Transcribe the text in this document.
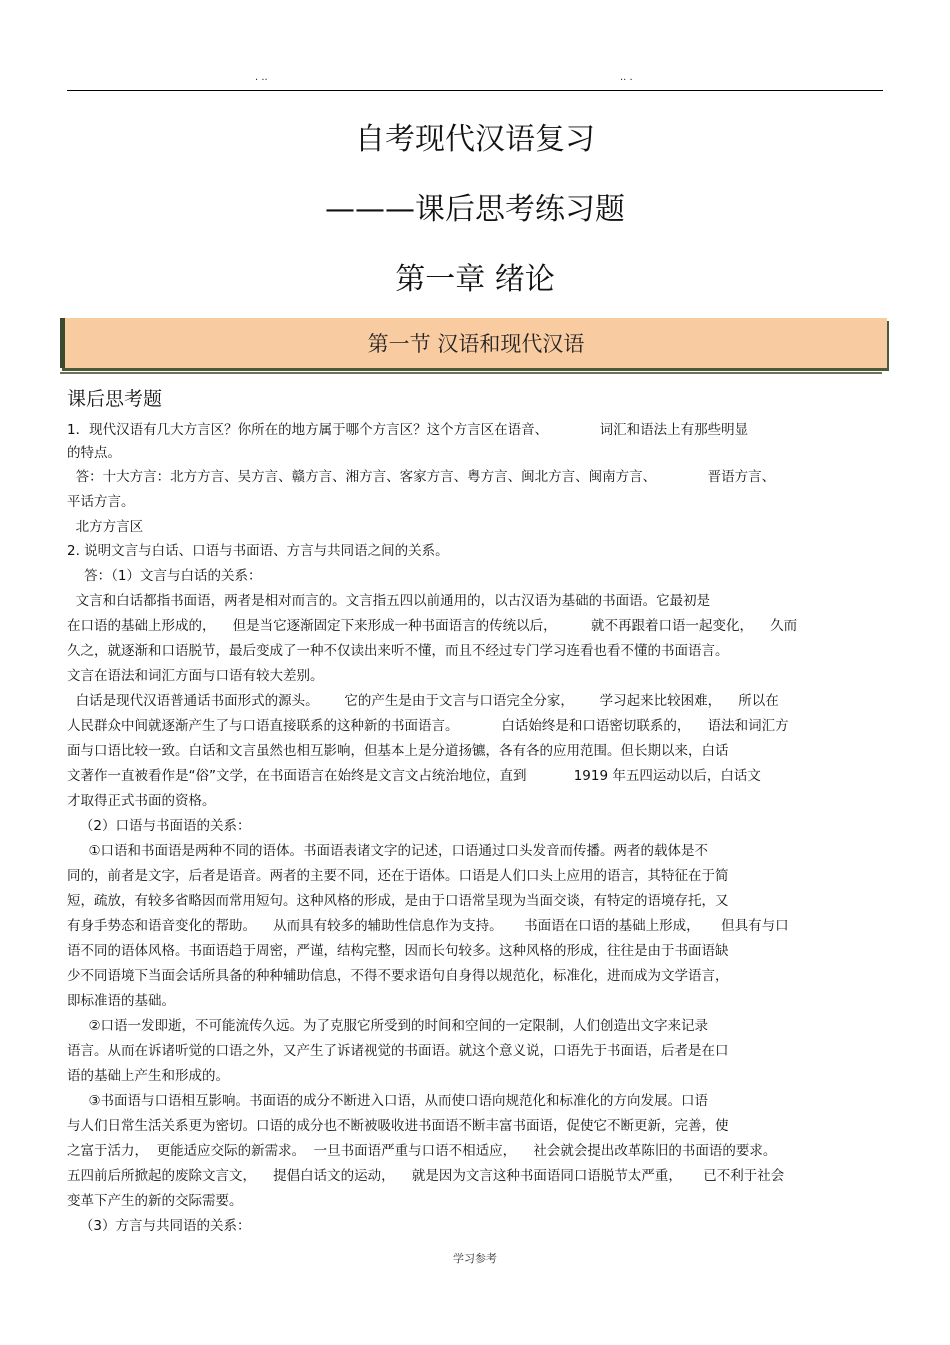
. ..	.. .
自考现代汉语复习
———课后思考练习题
第一章 绪论
第一节 汉语和现代汉语
课后思考题
1．现代汉语有几大方言区？你所在的地方属于哪个方言区？这个方言区在语音、            词汇和语法上有那些明显
的特点。
答：十大方言：北方方言、吴方言、赣方言、湘方言、客家方言、粤方言、闽北方言、闽南方言、            晋语方言、
平话方言。
北方方言区
2. 说明文言与白话、口语与书面语、方言与共同语之间的关系。
答：（1）文言与白话的关系：
文言和白话都指书面语，两者是相对而言的。文言指五四以前通用的，以古汉语为基础的书面语。它最初是
在口语的基础上形成的，    但是当它逐渐固定下来形成一种书面语言的传统以后，        就不再跟着口语一起变化，    久而
久之，就逐渐和口语脱节，最后变成了一种不仅读出来听不懂，而且不经过专门学习连看也看不懂的书面语言。
文言在语法和词汇方面与口语有较大差别。
白话是现代汉语普通话书面形式的源头。      它的产生是由于文言与口语完全分家，      学习起来比较困难，    所以在
人民群众中间就逐渐产生了与口语直接联系的这种新的书面语言。          白话始终是和口语密切联系的，    语法和词汇方
面与口语比较一致。白话和文言虽然也相互影响，但基本上是分道扬镳，各有各的应用范围。但长期以来，白话
文著作一直被看作是“俗”文学，在书面语言在始终是文言文占统治地位，直到           1919 年五四运动以后，白话文
才取得正式书面的资格。
（2）口语与书面语的关系：
①口语和书面语是两种不同的语体。书面语表诸文字的记述，口语通过口头发音而传播。两者的载体是不
同的，前者是文字，后者是语音。两者的主要不同，还在于语体。口语是人们口头上应用的语言，其特征在于简
短，疏放，有较多省略因而常用短句。这种风格的形成，是由于口语常呈现为当面交谈，有特定的语境存托，又
有身手势态和语音变化的帮助。    从而具有较多的辅助性信息作为支持。     书面语在口语的基础上形成，     但具有与口
语不同的语体风格。书面语趋于周密，严谨，结构完整，因而长句较多。这种风格的形成，往往是由于书面语缺
少不同语境下当面会话所具备的种种辅助信息，不得不要求语句自身得以规范化，标准化，进而成为文学语言，
即标准语的基础。
②口语一发即逝，不可能流传久远。为了克服它所受到的时间和空间的一定限制，人们创造出文字来记录
语言。从而在诉诸听觉的口语之外，又产生了诉诸视觉的书面语。就这个意义说，口语先于书面语，后者是在口
语的基础上产生和形成的。
③书面语与口语相互影响。书面语的成分不断进入口语，从而使口语向规范化和标准化的方向发展。口语
与人们日常生活关系更为密切。口语的成分也不断被吸收进书面语不断丰富书面语，促使它不断更新，完善，使
之富于活力，  更能适应交际的新需求。  一旦书面语严重与口语不相适应，    社会就会提出改革陈旧的书面语的要求。
五四前后所掀起的废除文言文，    提倡白话文的运动，    就是因为文言这种书面语同口语脱节太严重，     已不利于社会
变革下产生的新的交际需要。
（3）方言与共同语的关系：
学习参考
